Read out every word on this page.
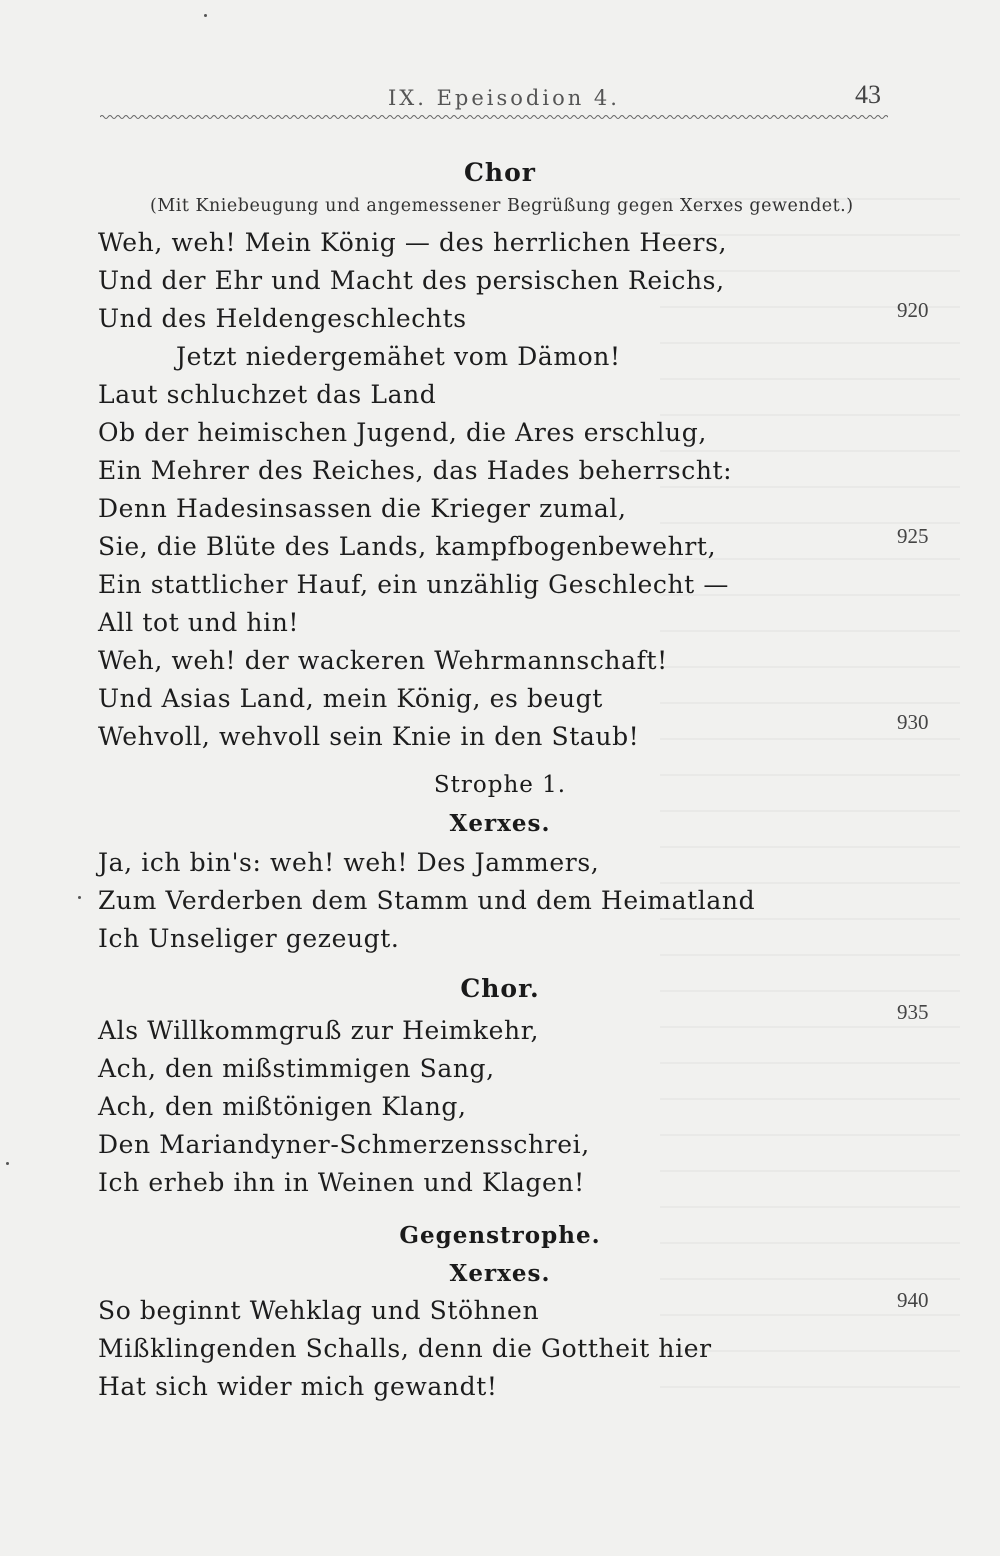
IX. Epeisodion 4.	43
Chor
(Mit Kniebeugung und angemessener Begrüßung gegen Xerxes gewendet.)
Weh, weh! Mein König — des herrlichen Heers,
Und der Ehr und Macht des persischen Reichs,
Und des Heldengeschlechts
Jetzt niedergemähet vom Dämon!
Laut schluchzet das Land
Ob der heimischen Jugend, die Ares erschlug,
Ein Mehrer des Reiches, das Hades beherrscht:
Denn Hadesinsassen die Krieger zumal,
Sie, die Blüte des Lands, kampfbogenbewehrt,
Ein stattlicher Hauf, ein unzählig Geschlecht —
All tot und hin!
Weh, weh! der wackeren Wehrmannschaft!
Und Asias Land, mein König, es beugt
Wehvoll, wehvoll sein Knie in den Staub!
Strophe 1.
Xerxes.
Ja, ich bin's: weh! weh! Des Jammers,
Zum Verderben dem Stamm und dem Heimatland
Ich Unseliger gezeugt.
Chor.
Als Willkommgruß zur Heimkehr,
Ach, den mißstimmigen Sang,
Ach, den mißtönigen Klang,
Den Mariandyner-Schmerzensschrei,
Ich erheb ihn in Weinen und Klagen!
Gegenstrophe.
Xerxes.
So beginnt Wehklag und Stöhnen
Mißklingenden Schalls, denn die Gottheit hier
Hat sich wider mich gewandt!
920
925
930
935
940
